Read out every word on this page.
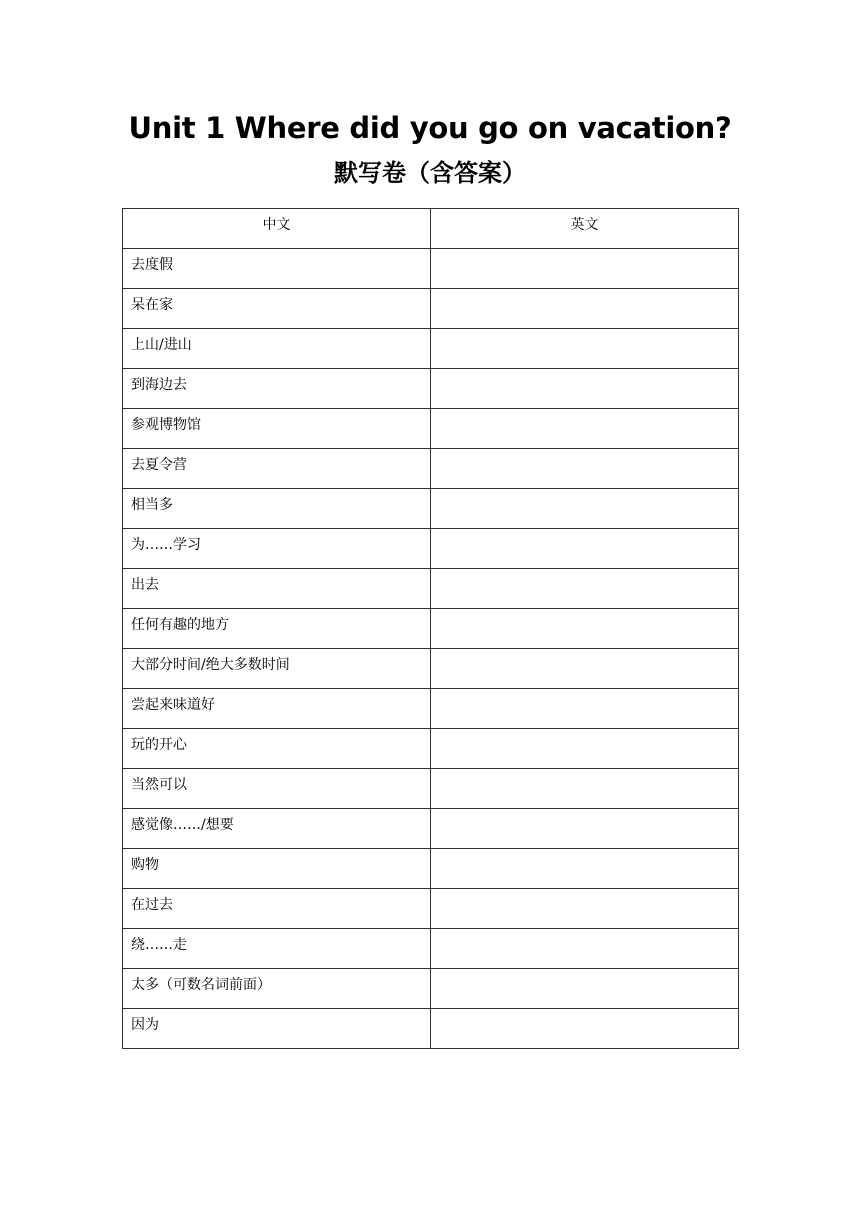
Unit 1 Where did you go on vacation?
默写卷（含答案）
中文	英文
去度假	
呆在家	
上山/进山	
到海边去	
参观博物馆	
去夏令营	
相当多	
为……学习	
出去	
任何有趣的地方	
大部分时间/绝大多数时间	
尝起来味道好	
玩的开心	
当然可以	
感觉像……/想要	
购物	
在过去	
绕……走	
太多（可数名词前面）	
因为	
